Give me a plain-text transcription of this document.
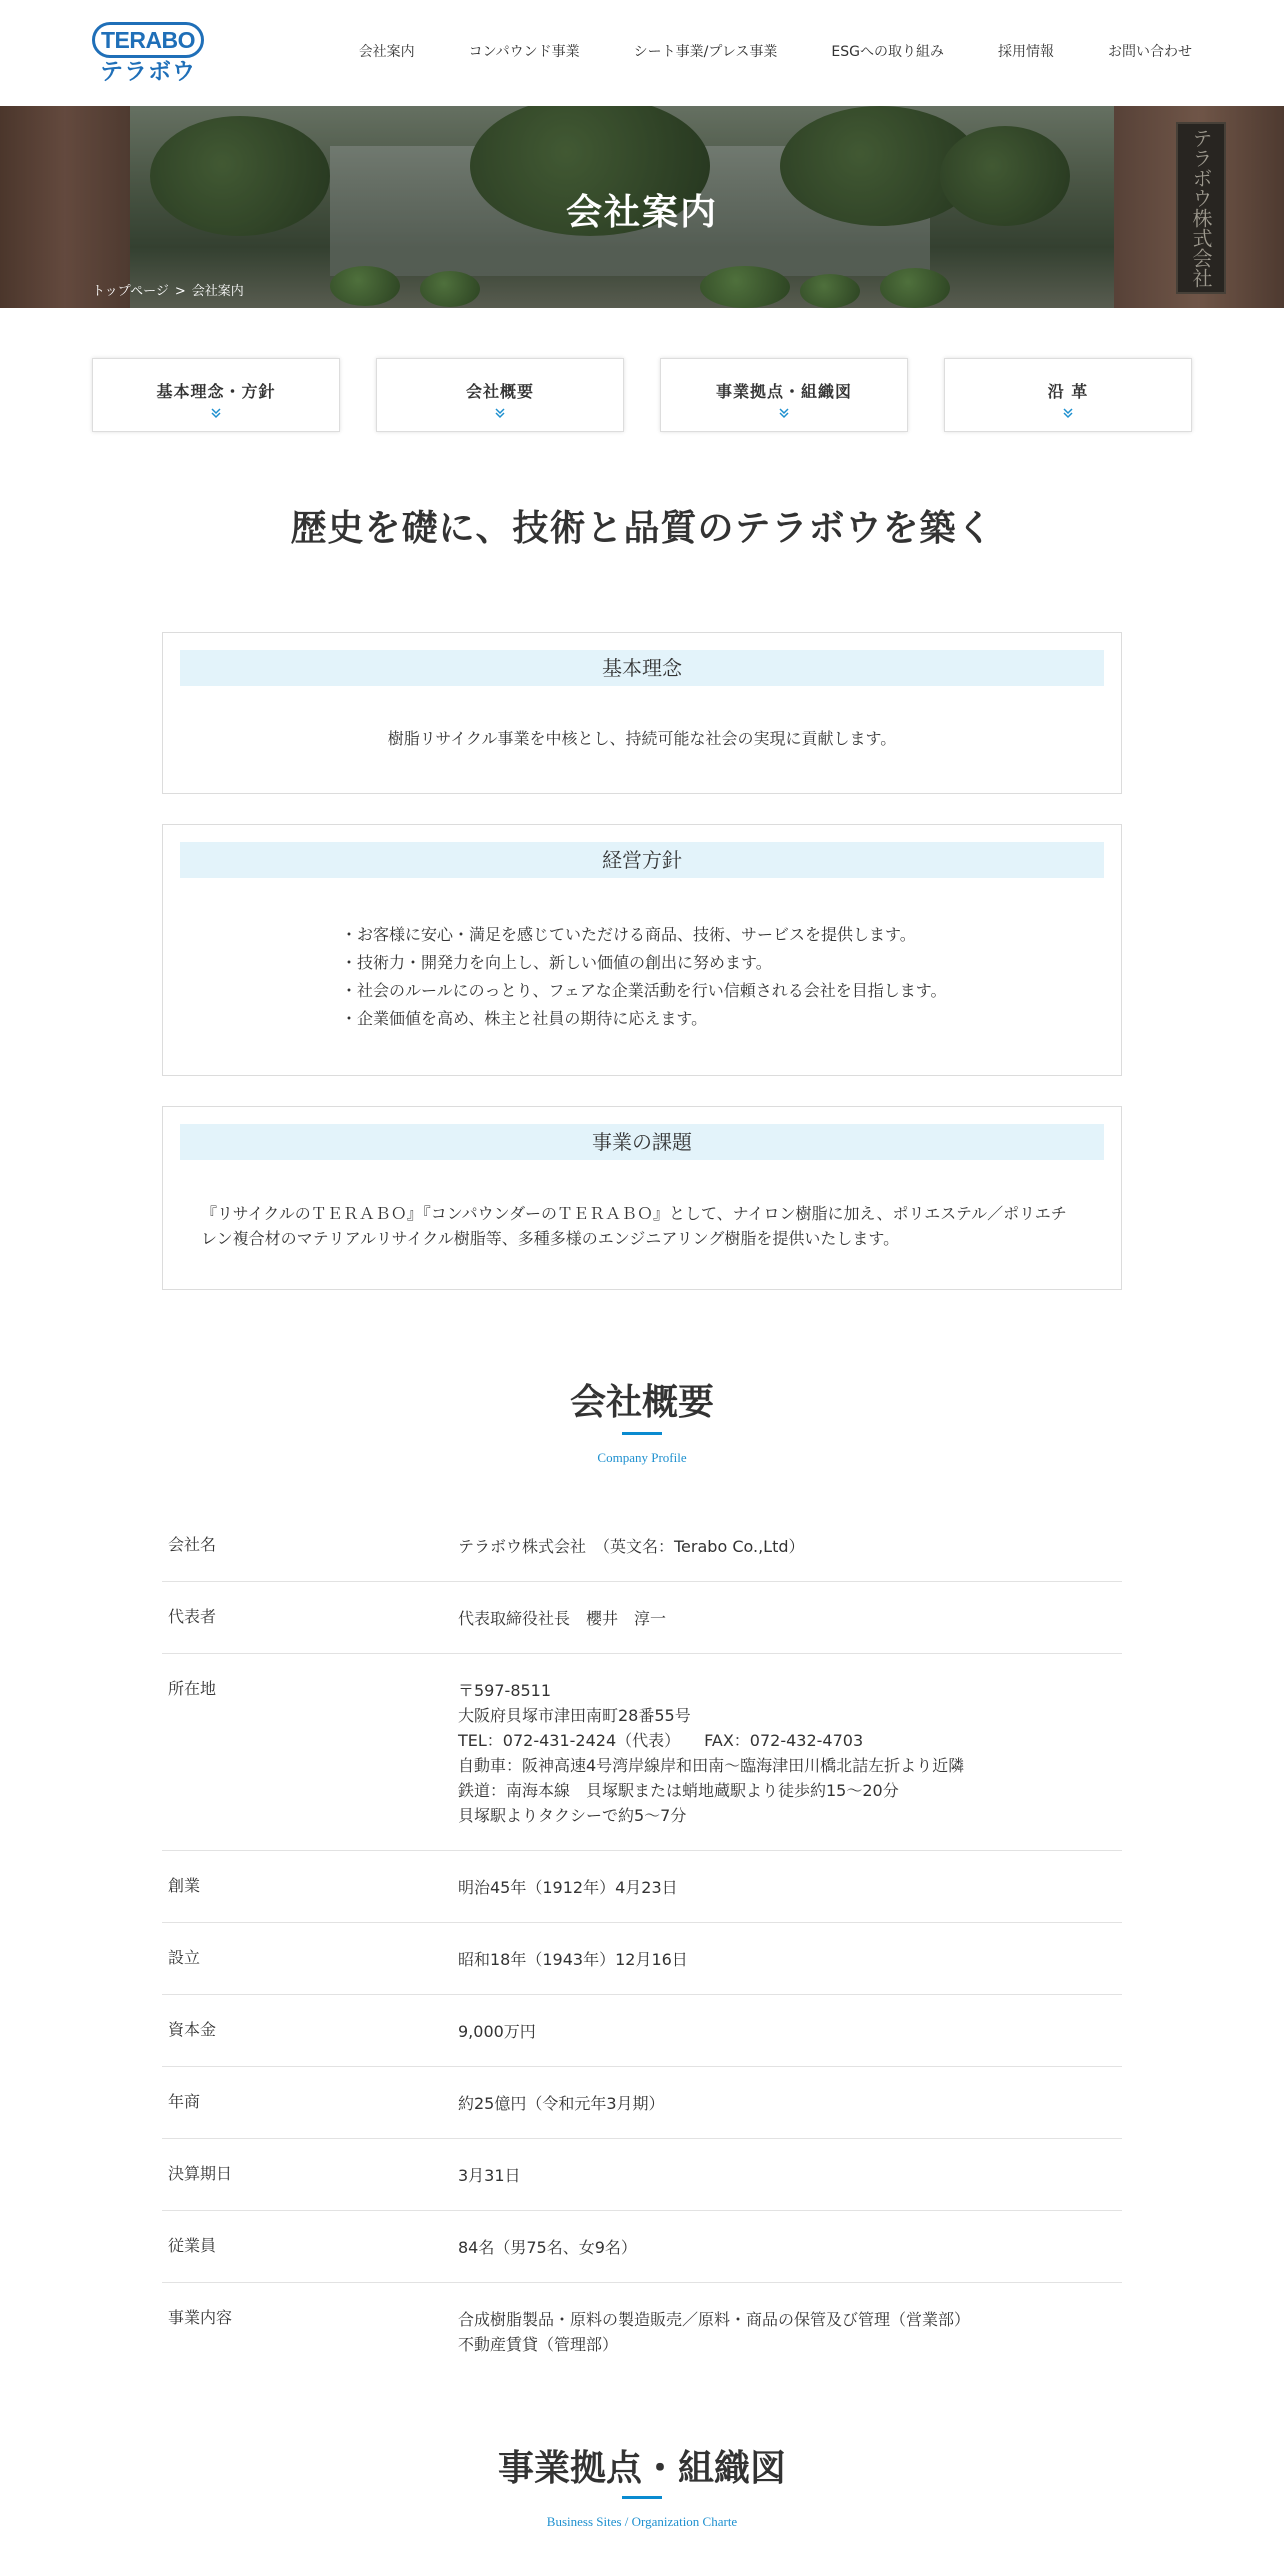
TERABO
テラボウ
会社案内	コンパウンド事業	シート事業/プレス事業	ESGへの取り組み	採用情報	お問い合わせ
テラボウ株式会社
会社案内
トップページ > 会社案内
基本理念・方針	会社概要	事業拠点・組織図	沿 革
歴史を礎に、技術と品質のテラボウを築く
基本理念
樹脂リサイクル事業を中核とし、持続可能な社会の実現に貢献します。
経営方針
・お客様に安心・満足を感じていただける商品、技術、サービスを提供します。
・技術力・開発力を向上し、新しい価値の創出に努めます。
・社会のルールにのっとり、フェアな企業活動を行い信頼される会社を目指します。
・企業価値を高め、株主と社員の期待に応えます。
事業の課題
『リサイクルのＴＥＲＡＢＯ』『コンパウンダーのＴＥＲＡＢＯ』として、ナイロン樹脂に加え、ポリエステル／ポリエチ
レン複合材のマテリアルリサイクル樹脂等、多種多様のエンジニアリング樹脂を提供いたします。
会社概要
Company Profile
会社名	テラボウ株式会社　（英文名：Terabo Co.,Ltd）
代表者	代表取締役社長　櫻井　淳一
所在地	〒597-8511
大阪府貝塚市津田南町28番55号
TEL：072-431-2424（代表）　　FAX：072-432-4703
自動車：阪神高速4号湾岸線岸和田南～臨海津田川橋北詰左折より近隣
鉄道：南海本線　貝塚駅または蛸地蔵駅より徒歩約15～20分
貝塚駅よりタクシーで約5～7分
創業	明治45年（1912年）4月23日
設立	昭和18年（1943年）12月16日
資本金	9,000万円
年商	約25億円（令和元年3月期）
決算期日	3月31日
従業員	84名（男75名、女9名）
事業内容	合成樹脂製品・原料の製造販売／原料・商品の保管及び管理（営業部）
不動産賃貸（管理部）
事業拠点・組織図
Business Sites / Organization Charte
